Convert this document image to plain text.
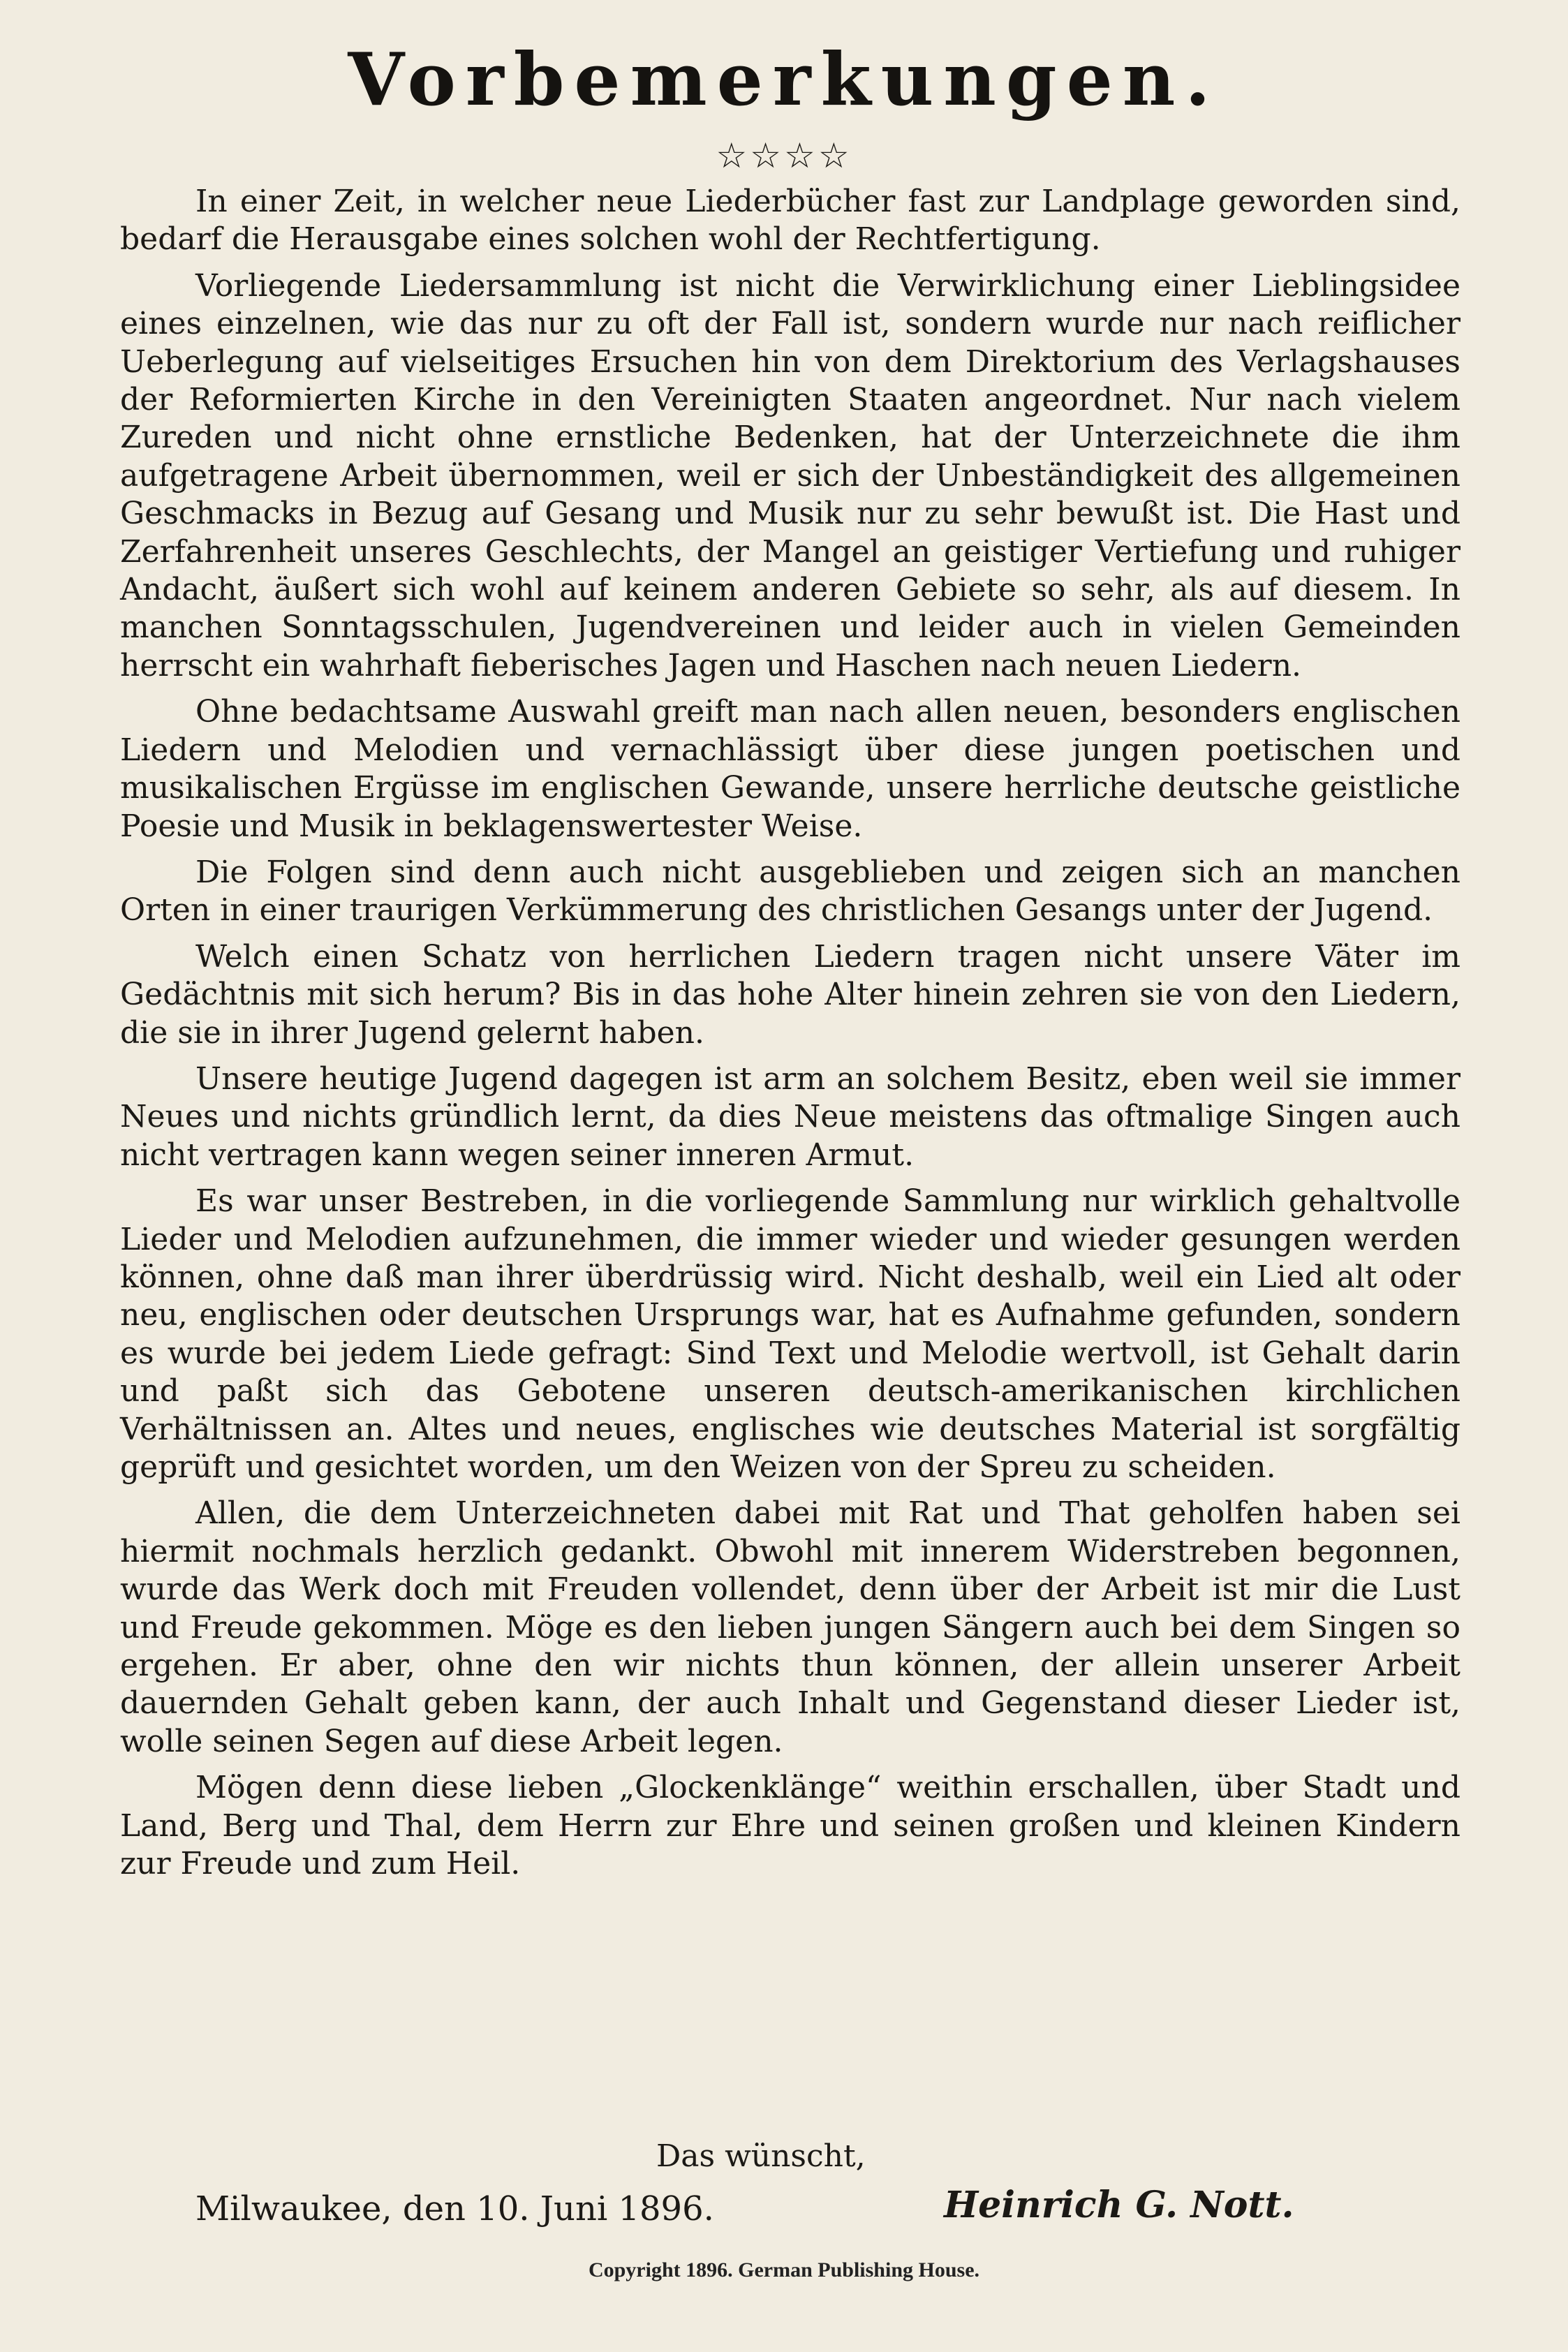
Vorbemerkungen.
☆☆☆☆

In einer Zeit, in welcher neue Liederbücher fast zur Landplage geworden sind, bedarf die Herausgabe eines solchen wohl der Rechtfertigung.

Vorliegende Liedersammlung ist nicht die Verwirklichung einer Lieblingsidee eines einzelnen, wie das nur zu oft der Fall ist, sondern wurde nur nach reiflicher Ueberlegung auf vielseitiges Ersuchen hin von dem Direktorium des Verlagshauses der Reformierten Kirche in den Vereinigten Staaten angeordnet. Nur nach vielem Zureden und nicht ohne ernstliche Bedenken, hat der Unterzeichnete die ihm aufgetragene Arbeit übernommen, weil er sich der Unbeständigkeit des allgemeinen Geschmacks in Bezug auf Gesang und Musik nur zu sehr bewußt ist. Die Hast und Zerfahrenheit unseres Geschlechts, der Mangel an geistiger Vertiefung und ruhiger Andacht, äußert sich wohl auf keinem anderen Gebiete so sehr, als auf diesem. In manchen Sonntagsschulen, Jugendvereinen und leider auch in vielen Gemeinden herrscht ein wahrhaft fieberisches Jagen und Haschen nach neuen Liedern.

Ohne bedachtsame Auswahl greift man nach allen neuen, besonders englischen Liedern und Melodien und vernachlässigt über diese jungen poetischen und musikalischen Ergüsse im englischen Gewande, unsere herrliche deutsche geistliche Poesie und Musik in beklagenswertester Weise.

Die Folgen sind denn auch nicht ausgeblieben und zeigen sich an manchen Orten in einer traurigen Verkümmerung des christlichen Gesangs unter der Jugend.

Welch einen Schatz von herrlichen Liedern tragen nicht unsere Väter im Gedächtnis mit sich herum? Bis in das hohe Alter hinein zehren sie von den Liedern, die sie in ihrer Jugend gelernt haben.

Unsere heutige Jugend dagegen ist arm an solchem Besitz, eben weil sie immer Neues und nichts gründlich lernt, da dies Neue meistens das oftmalige Singen auch nicht vertragen kann wegen seiner inneren Armut.

Es war unser Bestreben, in die vorliegende Sammlung nur wirklich gehaltvolle Lieder und Melodien aufzunehmen, die immer wieder und wieder gesungen werden können, ohne daß man ihrer überdrüssig wird. Nicht deshalb, weil ein Lied alt oder neu, englischen oder deutschen Ursprungs war, hat es Aufnahme gefunden, sondern es wurde bei jedem Liede gefragt: Sind Text und Melodie wertvoll, ist Gehalt darin und paßt sich das Gebotene unseren deutsch-amerikanischen kirchlichen Verhältnissen an. Altes und neues, englisches wie deutsches Material ist sorgfältig geprüft und gesichtet worden, um den Weizen von der Spreu zu scheiden.

Allen, die dem Unterzeichneten dabei mit Rat und That geholfen haben sei hiermit nochmals herzlich gedankt. Obwohl mit innerem Widerstreben begonnen, wurde das Werk doch mit Freuden vollendet, denn über der Arbeit ist mir die Lust und Freude gekommen. Möge es den lieben jungen Sängern auch bei dem Singen so ergehen. Er aber, ohne den wir nichts thun können, der allein unserer Arbeit dauernden Gehalt geben kann, der auch Inhalt und Gegenstand dieser Lieder ist, wolle seinen Segen auf diese Arbeit legen.

Mögen denn diese lieben „Glockenklänge“ weithin erschallen, über Stadt und Land, Berg und Thal, dem Herrn zur Ehre und seinen großen und kleinen Kindern zur Freude und zum Heil.

Das wünscht,
Milwaukee, den 10. Juni 1896.	Heinrich G. Nott.
Copyright 1896. German Publishing House.
